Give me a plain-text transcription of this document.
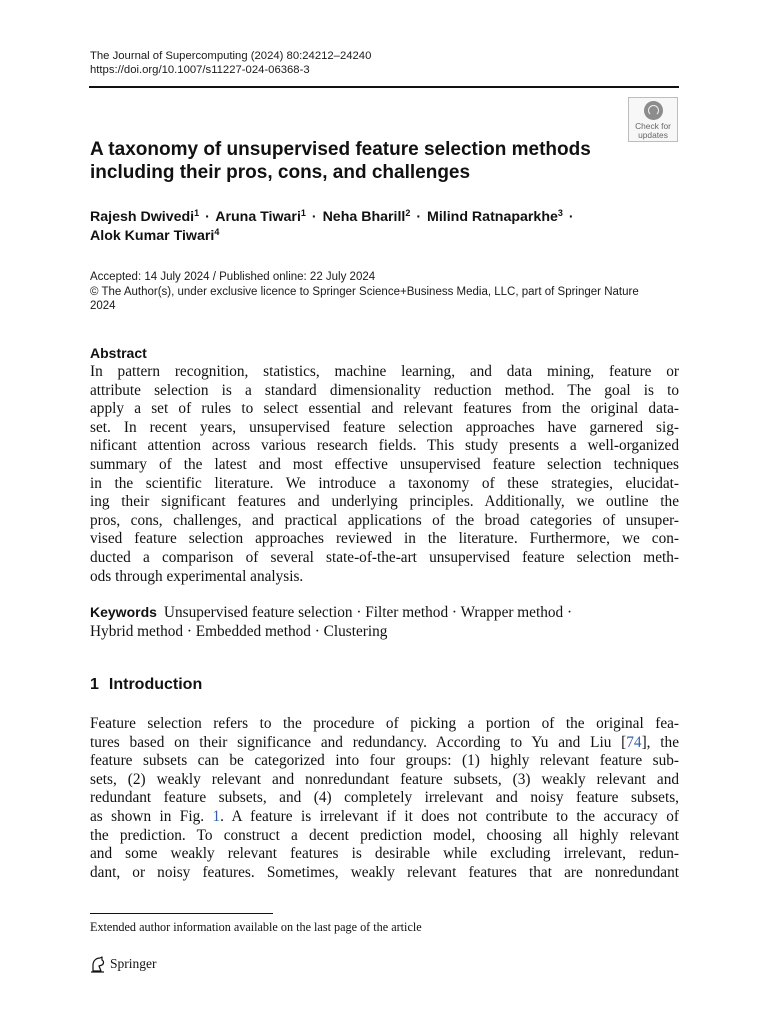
The Journal of Supercomputing (2024) 80:24212–24240
https://doi.org/10.1007/s11227-024-06368-3
Check for
updates
A taxonomy of unsupervised feature selection methods
including their pros, cons, and challenges
Rajesh Dwivedi$^1$ · Aruna Tiwari$^1$ · Neha Bharill$^2$ · Milind Ratnaparkhe$^3$ ·
Alok Kumar Tiwari$^4$
Accepted: 14 July 2024 / Published online: 22 July 2024
© The Author(s), under exclusive licence to Springer Science+Business Media, LLC, part of Springer Nature
2024
Abstract
In pattern recognition, statistics, machine learning, and data mining, feature or
attribute selection is a standard dimensionality reduction method. The goal is to
apply a set of rules to select essential and relevant features from the original data-
set. In recent years, unsupervised feature selection approaches have garnered sig-
nificant attention across various research fields. This study presents a well-organized
summary of the latest and most effective unsupervised feature selection techniques
in the scientific literature. We introduce a taxonomy of these strategies, elucidat-
ing their significant features and underlying principles. Additionally, we outline the
pros, cons, challenges, and practical applications of the broad categories of unsuper-
vised feature selection approaches reviewed in the literature. Furthermore, we con-
ducted a comparison of several state-of-the-art unsupervised feature selection meth-
ods through experimental analysis.
Keywords Unsupervised feature selection · Filter method · Wrapper method ·
Hybrid method · Embedded method · Clustering
1 Introduction
Feature selection refers to the procedure of picking a portion of the original fea-
tures based on their significance and redundancy. According to Yu and Liu [74], the
feature subsets can be categorized into four groups: (1) highly relevant feature sub-
sets, (2) weakly relevant and nonredundant feature subsets, (3) weakly relevant and
redundant feature subsets, and (4) completely irrelevant and noisy feature subsets,
as shown in Fig. 1. A feature is irrelevant if it does not contribute to the accuracy of
the prediction. To construct a decent prediction model, choosing all highly relevant
and some weakly relevant features is desirable while excluding irrelevant, redun-
dant, or noisy features. Sometimes, weakly relevant features that are nonredundant
Extended author information available on the last page of the article
Springer
